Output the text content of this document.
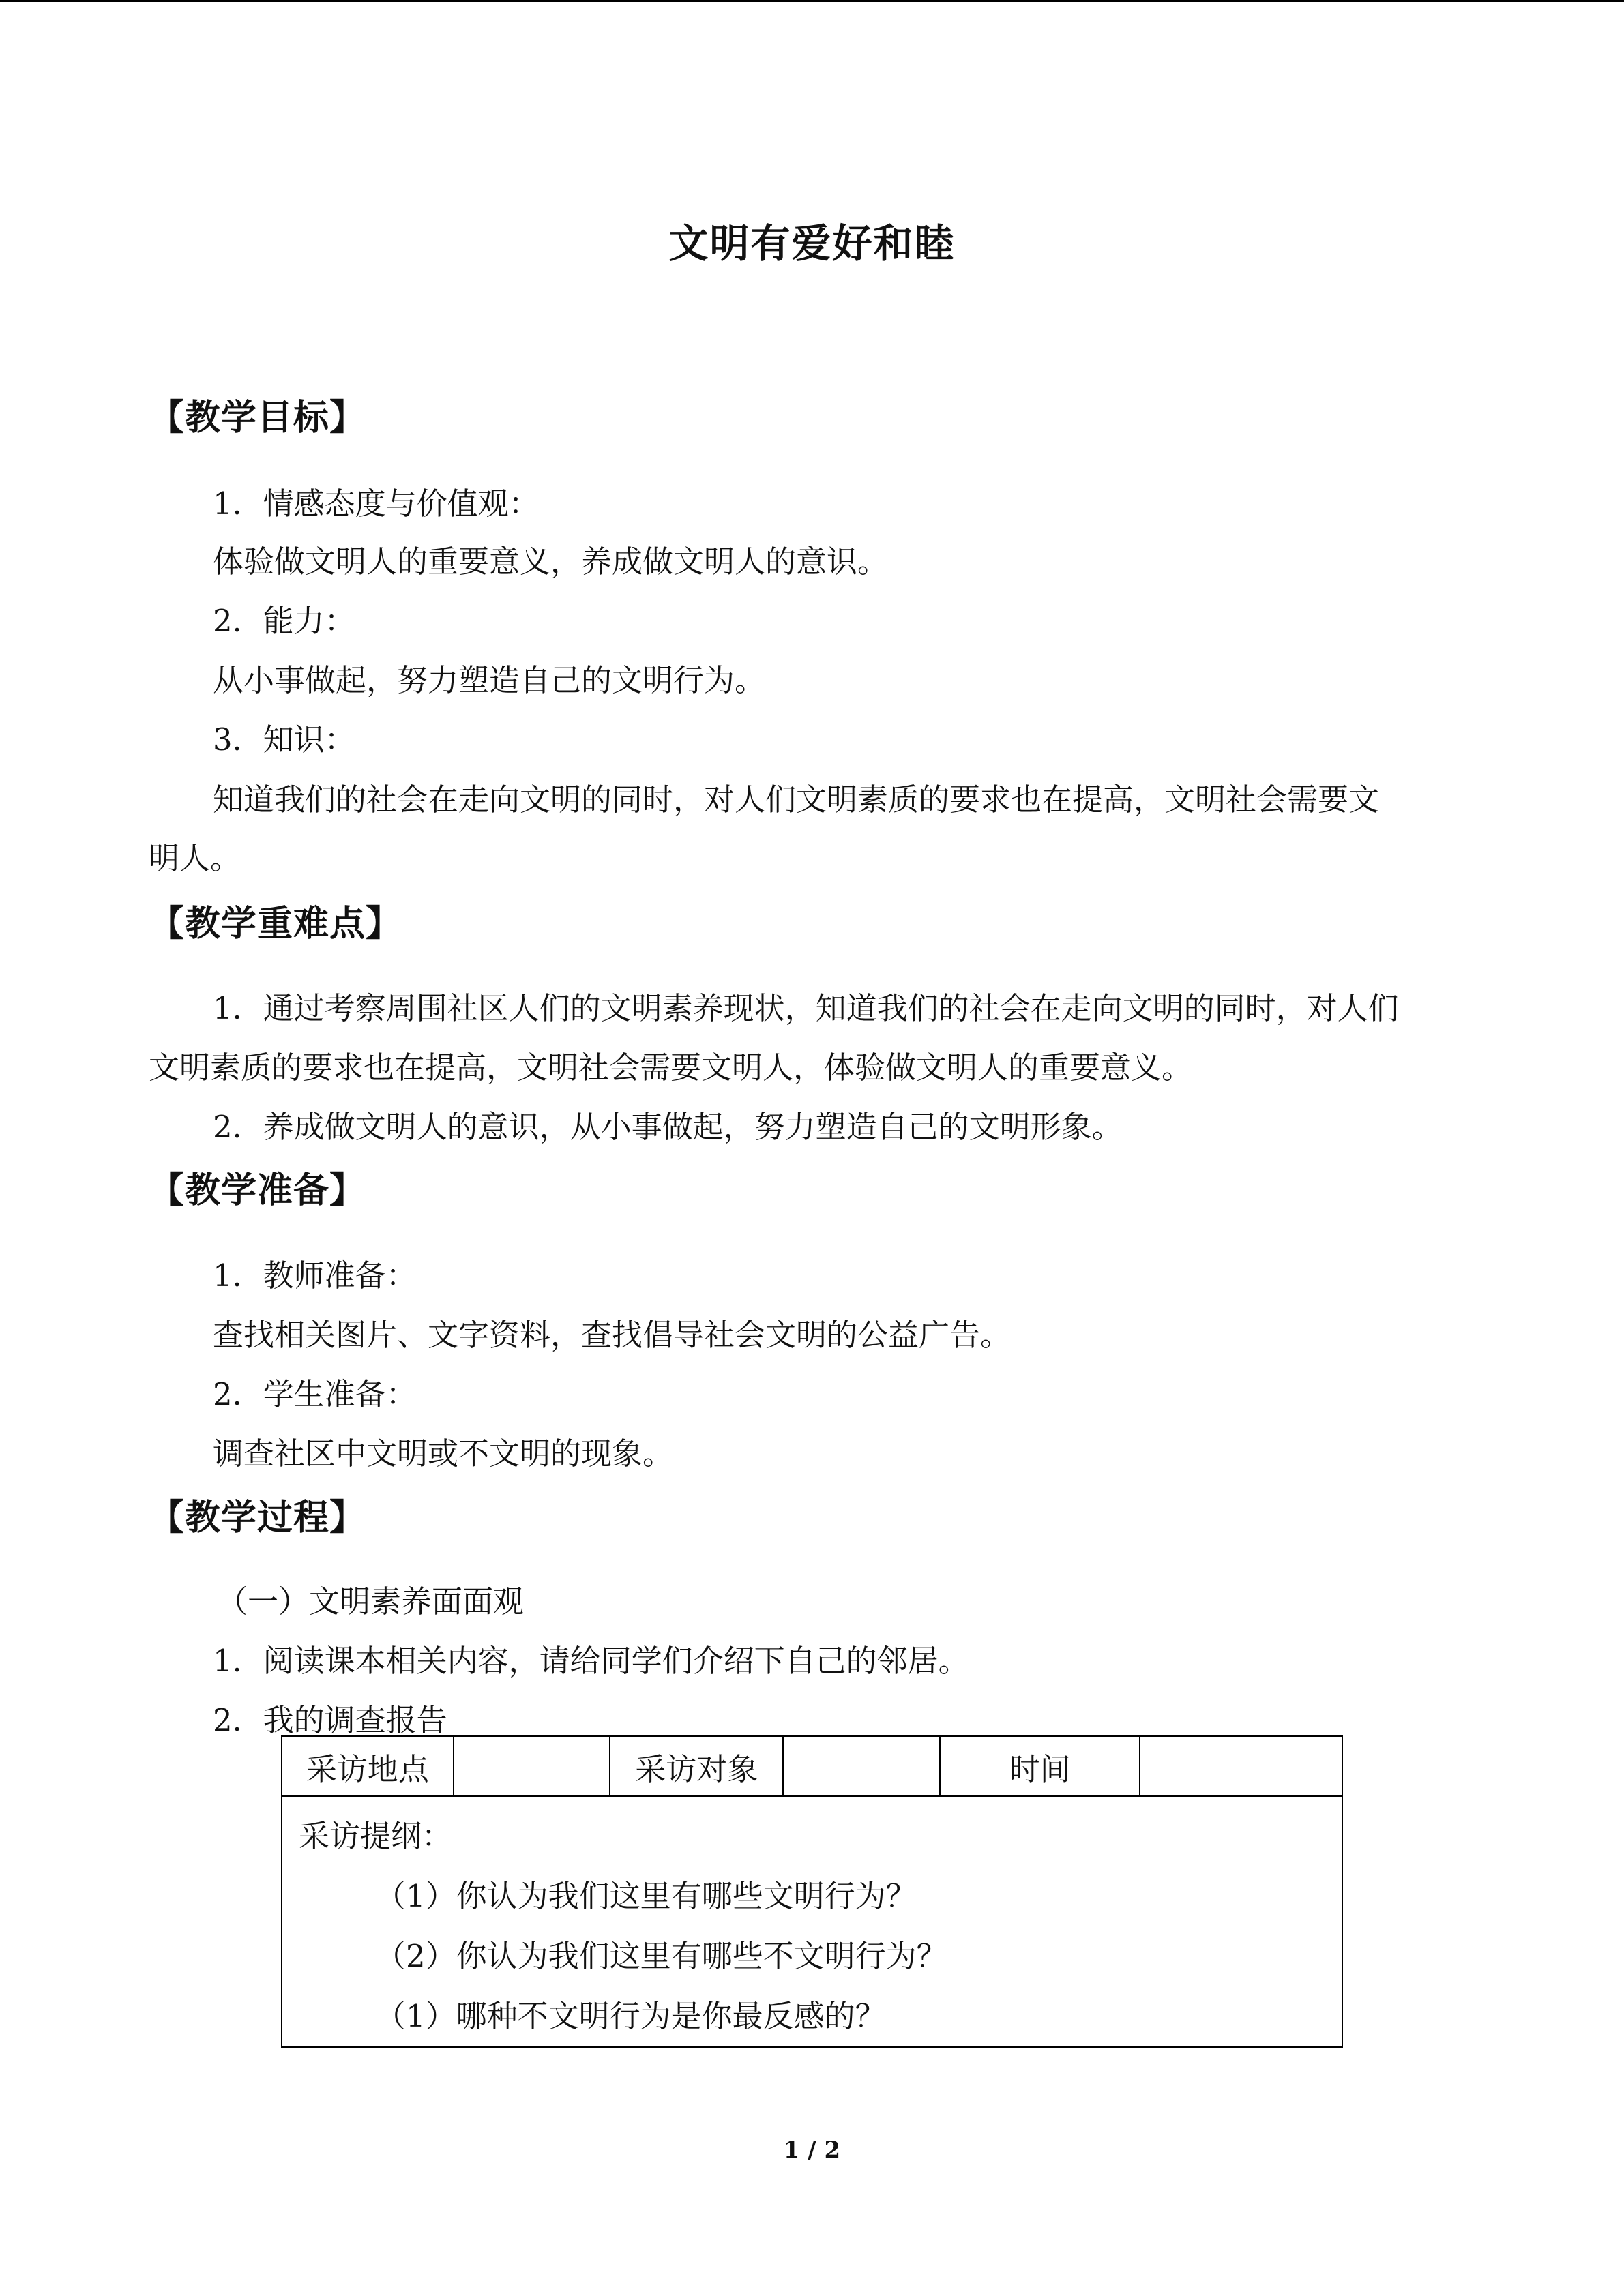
文明有爱好和睦
【教学目标】
1．情感态度与价值观：
体验做文明人的重要意义，养成做文明人的意识。
2．能力：
从小事做起，努力塑造自己的文明行为。
3．知识：
知道我们的社会在走向文明的同时，对人们文明素质的要求也在提高，文明社会需要文
明人。
【教学重难点】
1．通过考察周围社区人们的文明素养现状，知道我们的社会在走向文明的同时，对人们
文明素质的要求也在提高，文明社会需要文明人，体验做文明人的重要意义。
2．养成做文明人的意识，从小事做起，努力塑造自己的文明形象。
【教学准备】
1．教师准备：
查找相关图片、文字资料，查找倡导社会文明的公益广告。
2．学生准备：
调查社区中文明或不文明的现象。
【教学过程】
（一）文明素养面面观
1．阅读课本相关内容，请给同学们介绍下自己的邻居。
2．我的调查报告
采访地点		采访对象		时间	

采访提纲：
（1）你认为我们这里有哪些文明行为？
（2）你认为我们这里有哪些不文明行为？
（1）哪种不文明行为是你最反感的？
1 / 2
